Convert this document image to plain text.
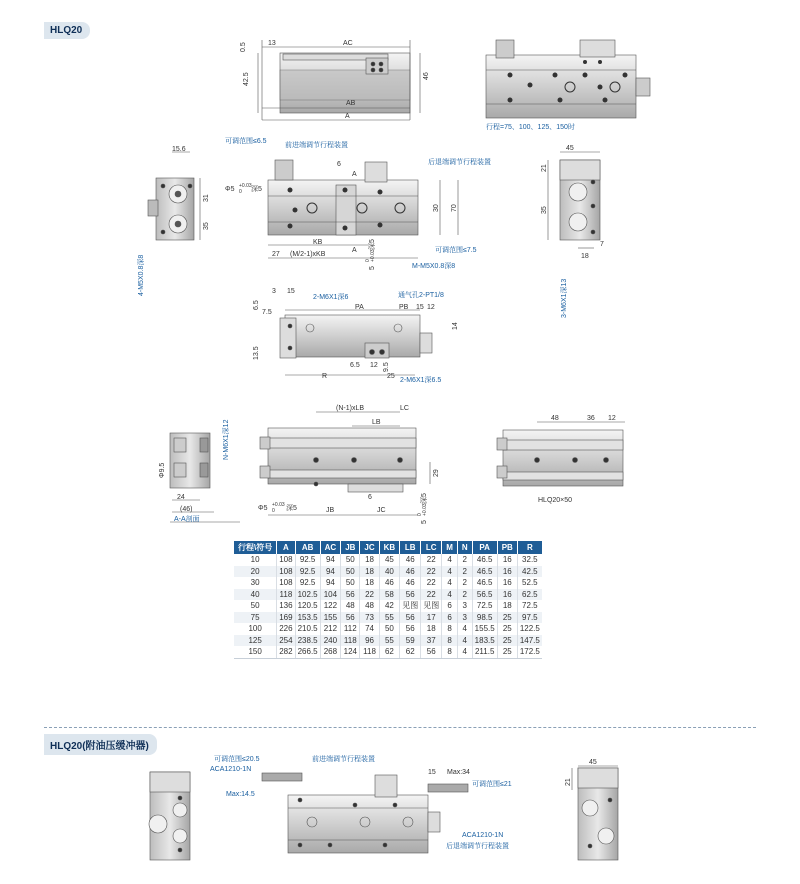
HLQ20
HLQ20(附油压缓冲器)
13	AC
AB
A
0.5
42.5	46
行程=75、100、125、150时
15.6
31
35
4-M5X0.8深8
可调范围≤6.5
前进端调节行程装置
后退端调节行程装置
Φ5 +0.03
0 深5
6
A
A
KB
(M/2-1)xKB
27
70
30
可调范围≤7.5
M-M5X0.8深8
5
+0.03
0
深5
45
21
35
7
18
3-M6X1深13
3 15
6.5
7.5
2-M6X1深6	通气孔2-PT1/8
PA	PB 15 12
14
13.5
6.5 12
25
9.5
R
2-M6X1深6.5
N-M6X1深12
Φ9.5
24
(46)
A-A剖面
(N-1)xLB	LC
LB
29
6
JB	JC
Φ5 +0.03
0 深5
5
+0.03
0
深5
48	36 12
HLQ20×50
可调范围≤20.5
ACA1210-1N
前进端调节行程装置
Max:14.5
15 Max:34
可调范围≤21
ACA1210-1N
后退端调节行程装置
45
21
行程\符号	A	AB	AC	JB	JC	KB	LB	LC	M	N	PA	PB	R
10	108	92.5	94	50	18	45	46	22	4	2	46.5	16	32.5
20	108	92.5	94	50	18	40	46	22	4	2	46.5	16	42.5
30	108	92.5	94	50	18	46	46	22	4	2	46.5	16	52.5
40	118	102.5	104	56	22	58	56	22	4	2	56.5	16	62.5
50	136	120.5	122	48	48	42	见图	见图	6	3	72.5	18	72.5
75	169	153.5	155	56	73	55	56	17	6	3	98.5	25	97.5
100	226	210.5	212	112	74	50	56	18	8	4	155.5	25	122.5
125	254	238.5	240	118	96	55	59	37	8	4	183.5	25	147.5
150	282	266.5	268	124	118	62	62	56	8	4	211.5	25	172.5
